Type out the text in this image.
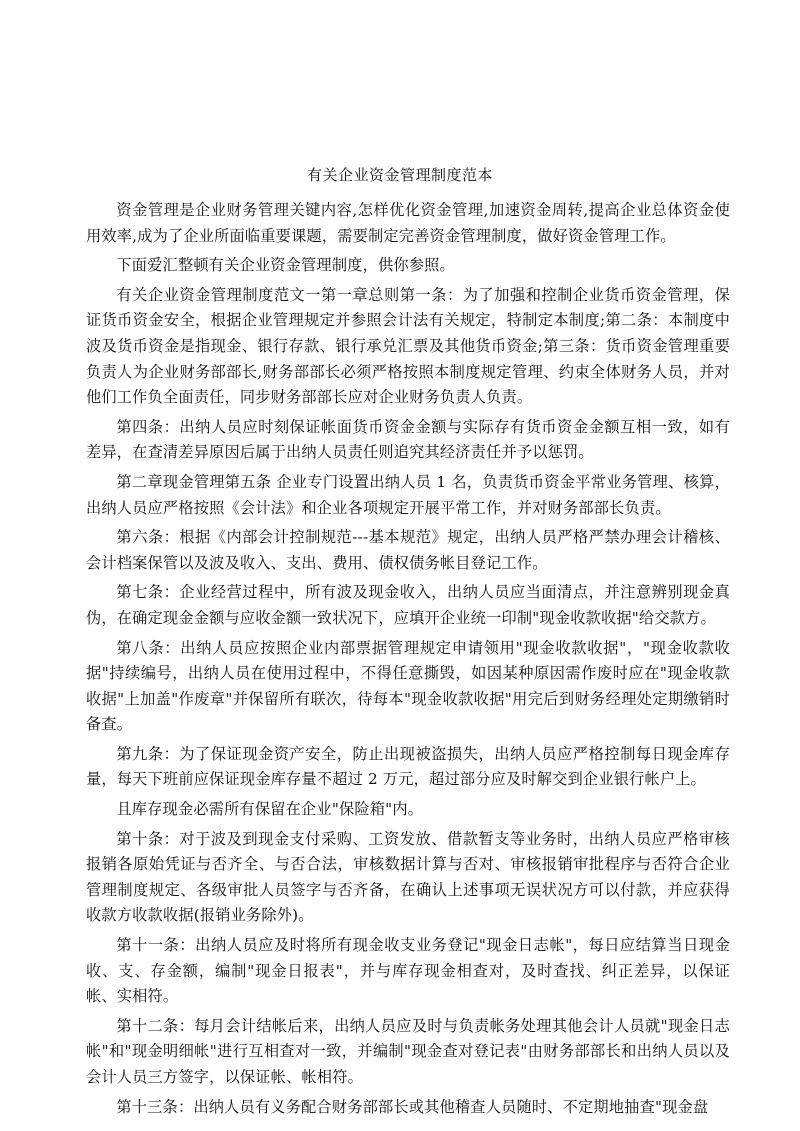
有关企业资金管理制度范本

资金管理是企业财务管理关键内容,怎样优化资金管理,加速资金周转,提高企业总体资金使用效率,成为了企业所面临重要课题，需要制定完善资金管理制度，做好资金管理工作。

下面爱汇整顿有关企业资金管理制度，供你参照。

有关企业资金管理制度范文一第一章总则第一条：为了加强和控制企业货币资金管理，保证货币资金安全，根据企业管理规定并参照会计法有关规定，特制定本制度;第二条：本制度中波及货币资金是指现金、银行存款、银行承兑汇票及其他货币资金;第三条：货币资金管理重要负责人为企业财务部部长,财务部部长必须严格按照本制度规定管理、约束全体财务人员，并对他们工作负全面责任，同步财务部部长应对企业财务负责人负责。

第四条：出纳人员应时刻保证帐面货币资金金额与实际存有货币资金金额互相一致，如有差异，在查清差异原因后属于出纳人员责任则追究其经济责任并予以惩罚。

第二章现金管理第五条 企业专门设置出纳人员 1 名，负责货币资金平常业务管理、核算，出纳人员应严格按照《会计法》和企业各项规定开展平常工作，并对财务部部长负责。

第六条：根据《内部会计控制规范---基本规范》规定，出纳人员严格严禁办理会计稽核、会计档案保管以及波及收入、支出、费用、债权债务帐目登记工作。

第七条：企业经营过程中，所有波及现金收入，出纳人员应当面清点，并注意辨别现金真伪，在确定现金金额与应收金额一致状况下，应填开企业统一印制"现金收款收据"给交款方。

第八条：出纳人员应按照企业内部票据管理规定申请领用"现金收款收据"，"现金收款收据"持续编号，出纳人员在使用过程中，不得任意撕毁，如因某种原因需作废时应在"现金收款收据"上加盖"作废章"并保留所有联次，待每本"现金收款收据"用完后到财务经理处定期缴销时备查。

第九条：为了保证现金资产安全，防止出现被盗损失，出纳人员应严格控制每日现金库存量，每天下班前应保证现金库存量不超过 2 万元，超过部分应及时解交到企业银行帐户上。

且库存现金必需所有保留在企业"保险箱"内。

第十条：对于波及到现金支付采购、工资发放、借款暂支等业务时，出纳人员应严格审核报销各原始凭证与否齐全、与否合法，审核数据计算与否对、审核报销审批程序与否符合企业管理制度规定、各级审批人员签字与否齐备，在确认上述事项无误状况方可以付款，并应获得收款方收款收据(报销业务除外)。

第十一条：出纳人员应及时将所有现金收支业务登记"现金日志帐"，每日应结算当日现金收、支、存金额，编制"现金日报表"，并与库存现金相查对，及时查找、纠正差异，以保证帐、实相符。

第十二条：每月会计结帐后来，出纳人员应及时与负责帐务处理其他会计人员就"现金日志帐"和"现金明细帐"进行互相查对一致，并编制"现金查对登记表"由财务部部长和出纳人员以及会计人员三方签字，以保证帐、帐相符。

第十三条：出纳人员有义务配合财务部部长或其他稽查人员随时、不定期地抽查"现金盘
